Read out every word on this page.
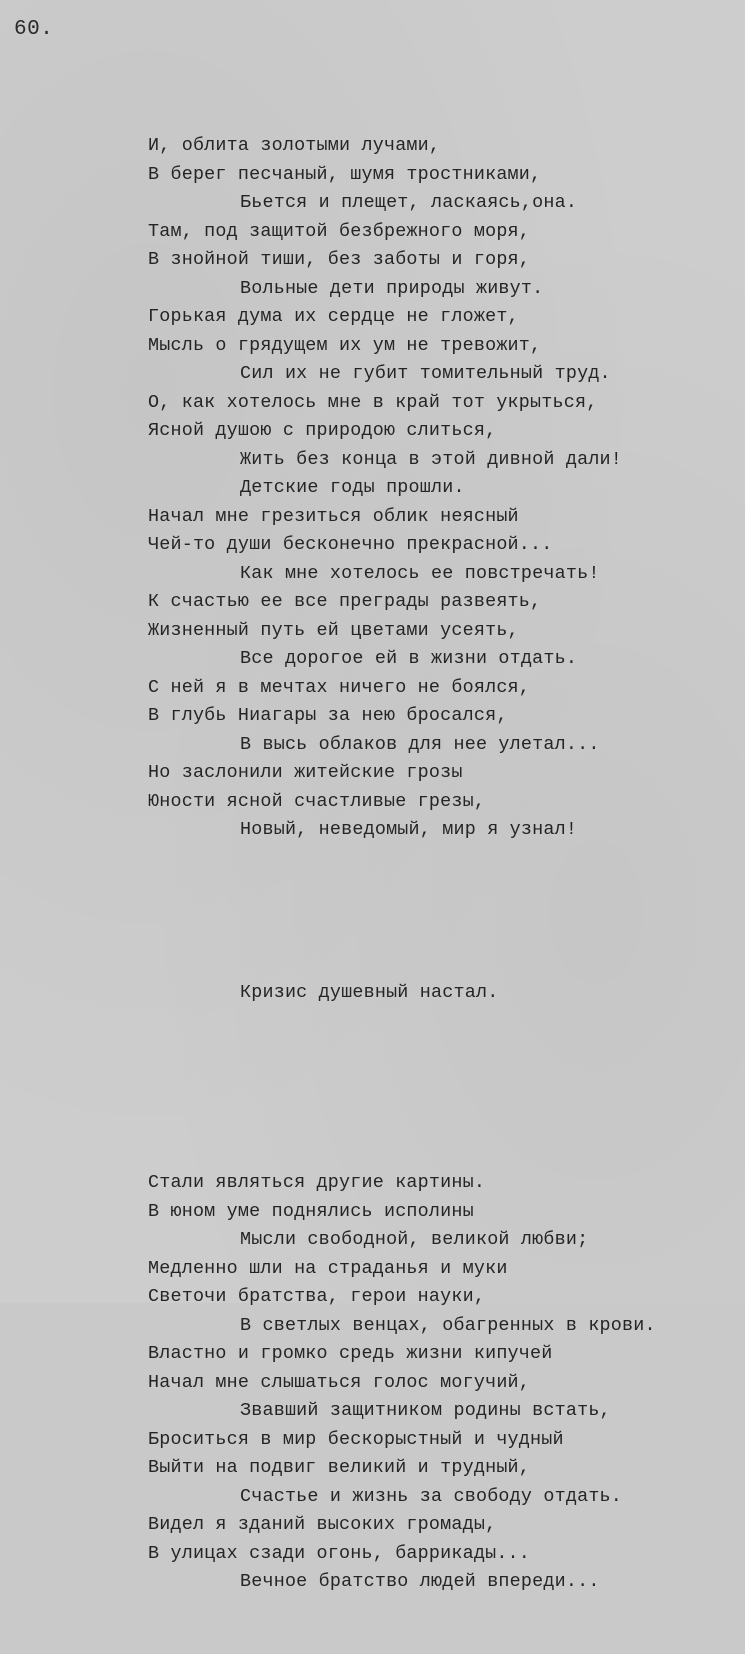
60.

И, облита золотыми лучами,
В берег песчаный, шумя тростниками,
Бьется и плещет, ласкаясь,она.
Там, под защитой безбрежного моря,
В знойной тиши, без заботы и горя,
Вольные дети природы живут.
Горькая дума их сердце не гложет,
Мысль о грядущем их ум не тревожит,
Сил их не губит томительный труд.
О, как хотелось мне в край тот укрыться,
Ясной душою с природою слиться,
Жить без конца в этой дивной дали!
Детские годы прошли.
Начал мне грезиться облик неясный
Чей-то души бесконечно прекрасной...
Как мне хотелось ее повстречать!
К счастью ее все преграды развеять,
Жизненный путь ей цветами усеять,
Все дорогое ей в жизни отдать.
С ней я в мечтах ничего не боялся,
В глубь Ниагары за нею бросался,
В высь облаков для нее улетал...
Но заслонили житейские грозы
Юности ясной счастливые грезы,
Новый, неведомый, мир я узнал!

Кризис душевный настал.

Стали являться другие картины.
В юном уме поднялись исполины
Мысли свободной, великой любви;
Медленно шли на страданья и муки
Светочи братства, герои науки,
В светлых венцах, обагренных в крови.
Властно и громко средь жизни кипучей
Начал мне слышаться голос могучий,
Звавший защитником родины встать,
Броситься в мир бескорыстный и чудный
Выйти на подвиг великий и трудный,
Счастье и жизнь за свободу отдать.
Видел я зданий высоких громады,
В улицах сзади огонь, баррикады...
Вечное братство людей впереди...
